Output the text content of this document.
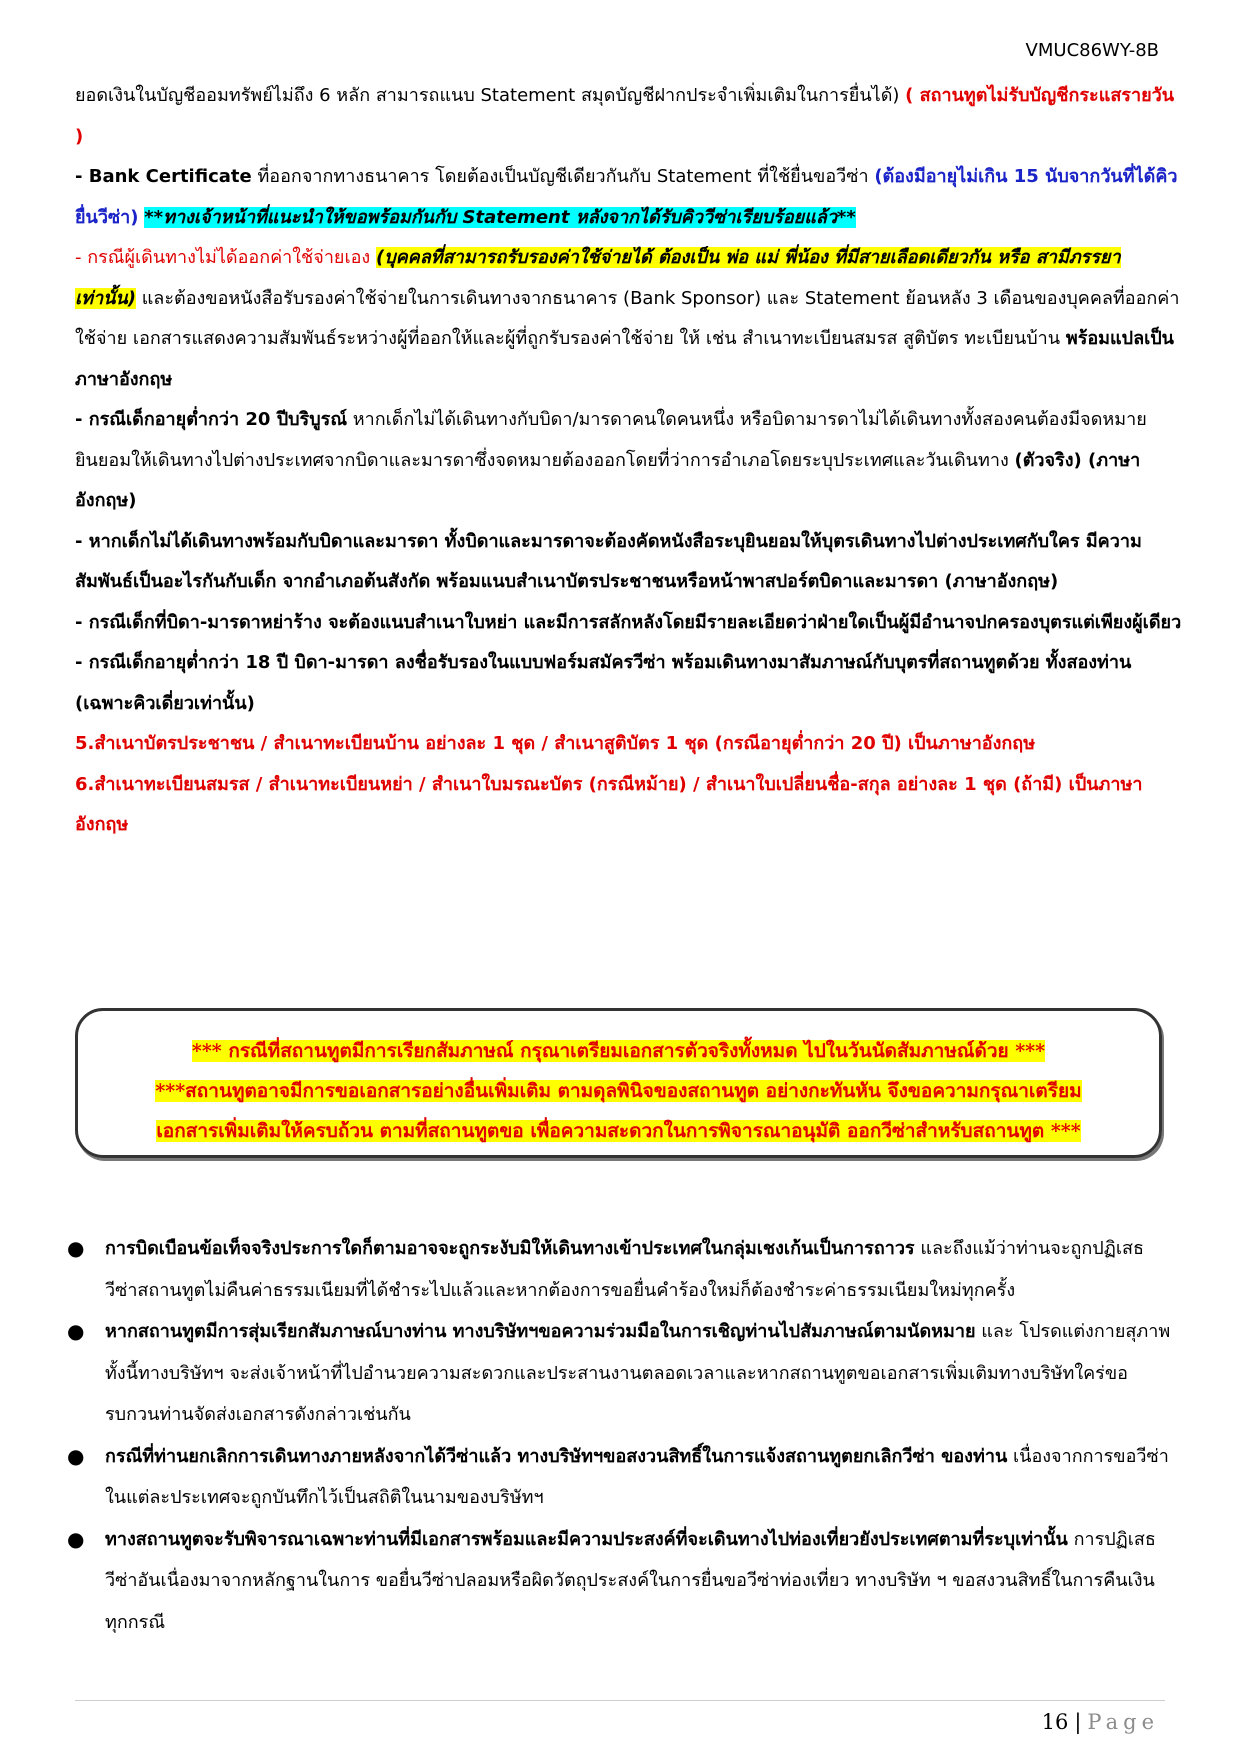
VMUC86WY-8B

ยอดเงินในบัญชีออมทรัพย์ไม่ถึง 6 หลัก สามารถแนบ Statement สมุดบัญชีฝากประจำเพิ่มเติมในการยื่นได้) ( สถานทูตไม่รับบัญชีกระแสรายวัน )

- Bank Certificate ที่ออกจากทางธนาคาร โดยต้องเป็นบัญชีเดียวกันกับ Statement ที่ใช้ยื่นขอวีซ่า (ต้องมีอายุไม่เกิน 15 นับจากวันที่ได้คิวยื่นวีซ่า) **ทางเจ้าหน้าที่แนะนำให้ขอพร้อมกันกับ Statement หลังจากได้รับคิววีซ่าเรียบร้อยแล้ว**

- กรณีผู้เดินทางไม่ได้ออกค่าใช้จ่ายเอง (บุคคลที่สามารถรับรองค่าใช้จ่ายได้ ต้องเป็น พ่อ แม่ พี่น้อง ที่มีสายเลือดเดียวกัน หรือ สามีภรรยา เท่านั้น) และต้องขอหนังสือรับรองค่าใช้จ่ายในการเดินทางจากธนาคาร (Bank Sponsor) และ Statement ย้อนหลัง 3 เดือนของบุคคลที่ออกค่าใช้จ่าย เอกสารแสดงความสัมพันธ์ระหว่างผู้ที่ออกให้และผู้ที่ถูกรับรองค่าใช้จ่าย ให้ เช่น สำเนาทะเบียนสมรส สูติบัตร ทะเบียนบ้าน พร้อมแปลเป็นภาษาอังกฤษ

- กรณีเด็กอายุต่ำกว่า 20 ปีบริบูรณ์ หากเด็กไม่ได้เดินทางกับบิดา/มารดาคนใดคนหนึ่ง หรือบิดามารดาไม่ได้เดินทางทั้งสองคนต้องมีจดหมายยินยอมให้เดินทางไปต่างประเทศจากบิดาและมารดาซึ่งจดหมายต้องออกโดยที่ว่าการอำเภอโดยระบุประเทศและวันเดินทาง (ตัวจริง) (ภาษาอังกฤษ)

- หากเด็กไม่ได้เดินทางพร้อมกับบิดาและมารดา ทั้งบิดาและมารดาจะต้องคัดหนังสือระบุยินยอมให้บุตรเดินทางไปต่างประเทศกับใคร มีความสัมพันธ์เป็นอะไรกันกับเด็ก จากอำเภอต้นสังกัด พร้อมแนบสำเนาบัตรประชาชนหรือหน้าพาสปอร์ตบิดาและมารดา (ภาษาอังกฤษ)

- กรณีเด็กที่บิดา-มารดาหย่าร้าง จะต้องแนบสำเนาใบหย่า และมีการสลักหลังโดยมีรายละเอียดว่าฝ่ายใดเป็นผู้มีอำนาจปกครองบุตรแต่เพียงผู้เดียว

- กรณีเด็กอายุต่ำกว่า 18 ปี บิดา-มารดา ลงชื่อรับรองในแบบฟอร์มสมัครวีซ่า พร้อมเดินทางมาสัมภาษณ์กับบุตรที่สถานทูตด้วย ทั้งสองท่าน (เฉพาะคิวเดี่ยวเท่านั้น)

5.สำเนาบัตรประชาชน / สำเนาทะเบียนบ้าน อย่างละ 1 ชุด / สำเนาสูติบัตร 1 ชุด (กรณีอายุต่ำกว่า 20 ปี) เป็นภาษาอังกฤษ

6.สำเนาทะเบียนสมรส / สำเนาทะเบียนหย่า / สำเนาใบมรณะบัตร (กรณีหม้าย) / สำเนาใบเปลี่ยนชื่อ-สกุล อย่างละ 1 ชุด (ถ้ามี) เป็นภาษาอังกฤษ

*** กรณีที่สถานทูตมีการเรียกสัมภาษณ์ กรุณาเตรียมเอกสารตัวจริงทั้งหมด ไปในวันนัดสัมภาษณ์ด้วย ***
***สถานทูตอาจมีการขอเอกสารอย่างอื่นเพิ่มเติม ตามดุลพินิจของสถานทูต อย่างกะทันหัน จึงขอความกรุณาเตรียม
เอกสารเพิ่มเติมให้ครบถ้วน ตามที่สถานทูตขอ เพื่อความสะดวกในการพิจารณาอนุมัติ ออกวีซ่าสำหรับสถานทูต ***
● การบิดเบือนข้อเท็จจริงประการใดก็ตามอาจจะถูกระงับมิให้เดินทางเข้าประเทศในกลุ่มเชงเก้นเป็นการถาวร และถึงแม้ว่าท่านจะถูกปฏิเสธ

วีซ่าสถานทูตไม่คืนค่าธรรมเนียมที่ได้ชำระไปแล้วและหากต้องการขอยื่นคำร้องใหม่ก็ต้องชำระค่าธรรมเนียมใหม่ทุกครั้ง

● หากสถานทูตมีการสุ่มเรียกสัมภาษณ์บางท่าน ทางบริษัทฯขอความร่วมมือในการเชิญท่านไปสัมภาษณ์ตามนัดหมาย และ โปรดแต่งกายสุภาพ ทั้งนี้ทางบริษัทฯ จะส่งเจ้าหน้าที่ไปอำนวยความสะดวกและประสานงานตลอดเวลาและหากสถานทูตขอเอกสารเพิ่มเติมทางบริษัทใคร่ขอรบกวนท่านจัดส่งเอกสารดังกล่าวเช่นกัน

● กรณีที่ท่านยกเลิกการเดินทางภายหลังจากได้วีซ่าแล้ว ทางบริษัทฯขอสงวนสิทธิ์ในการแจ้งสถานทูตยกเลิกวีซ่า ของท่าน เนื่องจากการขอวีซ่าในแต่ละประเทศจะถูกบันทึกไว้เป็นสถิติในนามของบริษัทฯ

● ทางสถานทูตจะรับพิจารณาเฉพาะท่านที่มีเอกสารพร้อมและมีความประสงค์ที่จะเดินทางไปท่องเที่ยวยังประเทศตามที่ระบุเท่านั้น การปฏิเสธวีซ่าอันเนื่องมาจากหลักฐานในการ ขอยื่นวีซ่าปลอมหรือผิดวัตถุประสงค์ในการยื่นขอวีซ่าท่องเที่ยว ทางบริษัท ฯ ขอสงวนสิทธิ์ในการคืนเงินทุกกรณี

16 | Page
